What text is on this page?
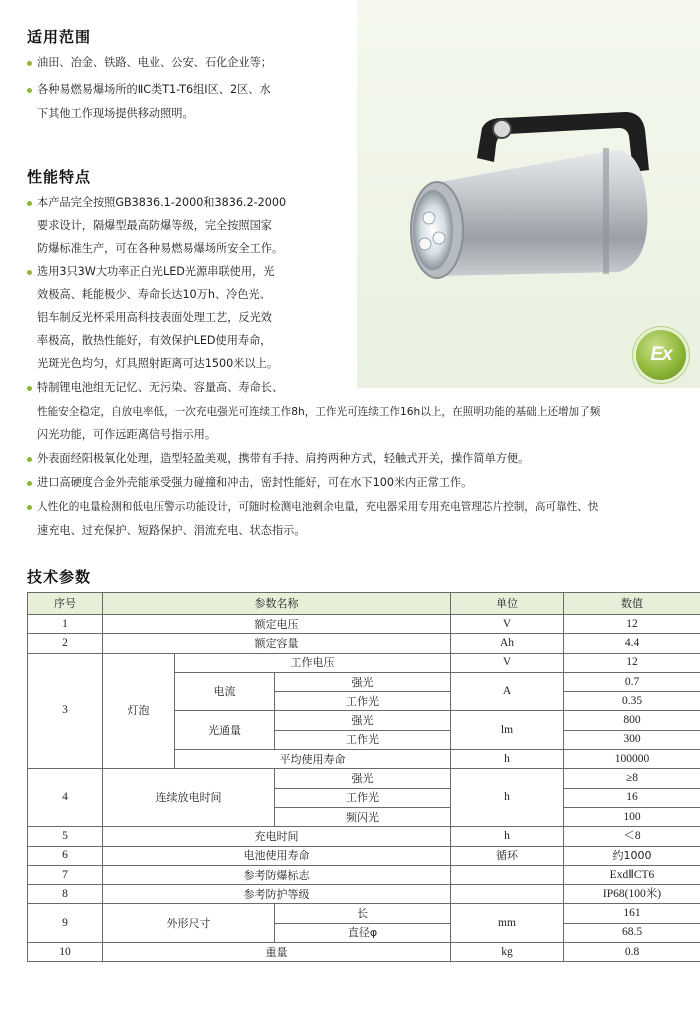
Ex
适用范围
油田、冶金、铁路、电业、公安、石化企业等；
各种易燃易爆场所的ⅡC类T1-T6组Ⅰ区、2区、水
下其他工作现场提供移动照明。
性能特点
本产品完全按照GB3836.1-2000和3836.2-2000
要求设计，隔爆型最高防爆等级，完全按照国家
防爆标准生产，可在各种易燃易爆场所安全工作。
选用3只3W大功率正白光LED光源串联使用，光
效极高、耗能极少、寿命长达10万h、冷色光、
铝车制反光杯采用高科技表面处理工艺，反光效
率极高，散热性能好，有效保护LED使用寿命，
光斑光色均匀，灯具照射距离可达1500米以上。
特制锂电池组无记忆、无污染、容量高、寿命长、
性能安全稳定，自放电率低，一次充电强光可连续工作8h，工作光可连续工作16h以上，在照明功能的基础上还增加了频
闪光功能，可作远距离信号指示用。
外表面经阳极氧化处理，造型轻盈美观，携带有手持、肩挎两种方式，轻触式开关，操作简单方便。
进口高硬度合金外壳能承受强力碰撞和冲击，密封性能好，可在水下100米内正常工作。
人性化的电量检测和低电压警示功能设计，可随时检测电池剩余电量，充电器采用专用充电管理芯片控制，高可靠性、快
速充电、过充保护、短路保护、涓流充电、状态指示。
技术参数
序号	参数名称			单位	数值
1	额定电压			V	12
2	额定容量			Ah	4.4
3	灯泡	工作电压		V	12
		电流	强光	A	0.7
			工作光		0.35
		光通量	强光	lm	800
			工作光		300
		平均使用寿命		h	100000
4	连续放电时间		强光	h	≥8
			工作光		16
			频闪光		100
5	充电时间			h	＜8
6	电池使用寿命			循环	约1000
7	参考防爆标志				ExdⅡCT6
8	参考防护等级				IP68(100米)
9	外形尺寸		长	mm	161
			直径φ		68.5
10	重量			kg	0.8
